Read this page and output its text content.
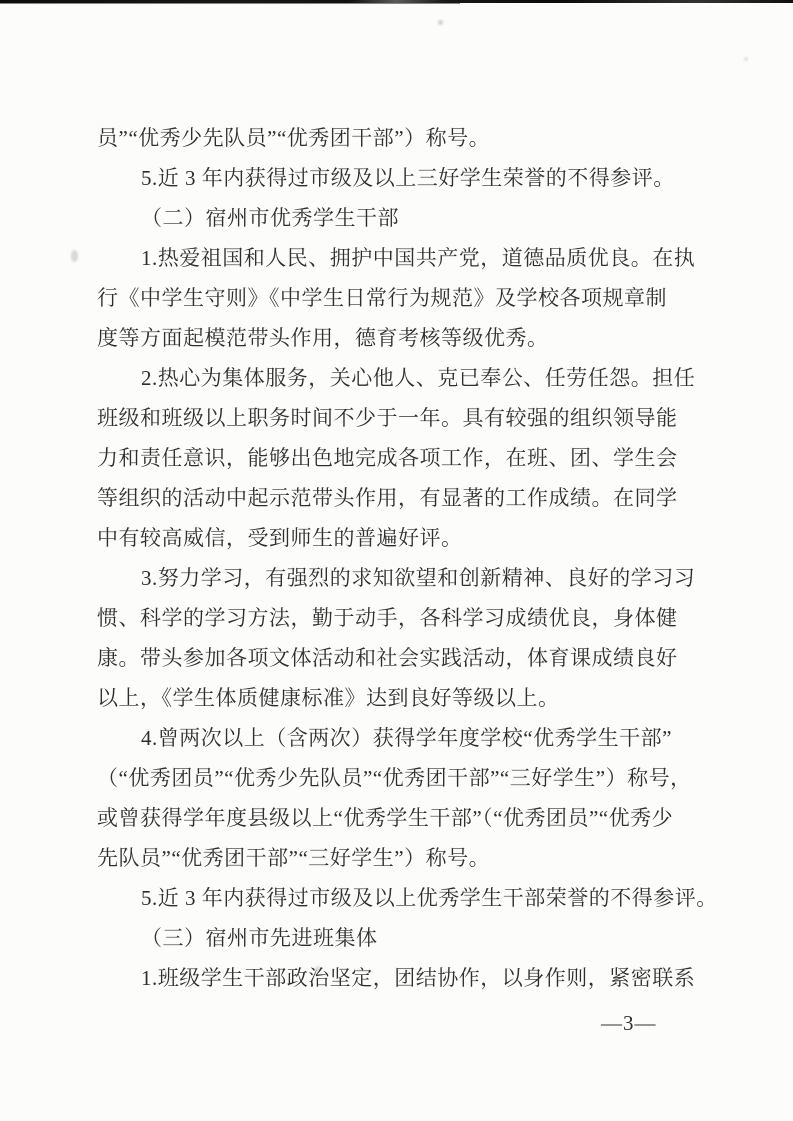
员”“优秀少先队员”“优秀团干部”）称号。
5.近 3 年内获得过市级及以上三好学生荣誉的不得参评。
（二）宿州市优秀学生干部
1.热爱祖国和人民、拥护中国共产党，道德品质优良。在执
行《中学生守则》《中学生日常行为规范》及学校各项规章制
度等方面起模范带头作用，德育考核等级优秀。
2.热心为集体服务，关心他人、克已奉公、任劳任怨。担任
班级和班级以上职务时间不少于一年。具有较强的组织领导能
力和责任意识，能够出色地完成各项工作，在班、团、学生会
等组织的活动中起示范带头作用，有显著的工作成绩。在同学
中有较高威信，受到师生的普遍好评。
3.努力学习，有强烈的求知欲望和创新精神、良好的学习习
惯、科学的学习方法，勤于动手，各科学习成绩优良，身体健
康。带头参加各项文体活动和社会实践活动，体育课成绩良好
以上，《学生体质健康标准》达到良好等级以上。
4.曾两次以上（含两次）获得学年度学校“优秀学生干部”
（“优秀团员”“优秀少先队员”“优秀团干部”“三好学生”）称号，
或曾获得学年度县级以上“优秀学生干部”（“优秀团员”“优秀少
先队员”“优秀团干部”“三好学生”）称号。
5.近 3 年内获得过市级及以上优秀学生干部荣誉的不得参评。
（三）宿州市先进班集体
1.班级学生干部政治坚定，团结协作，以身作则，紧密联系
—3—
